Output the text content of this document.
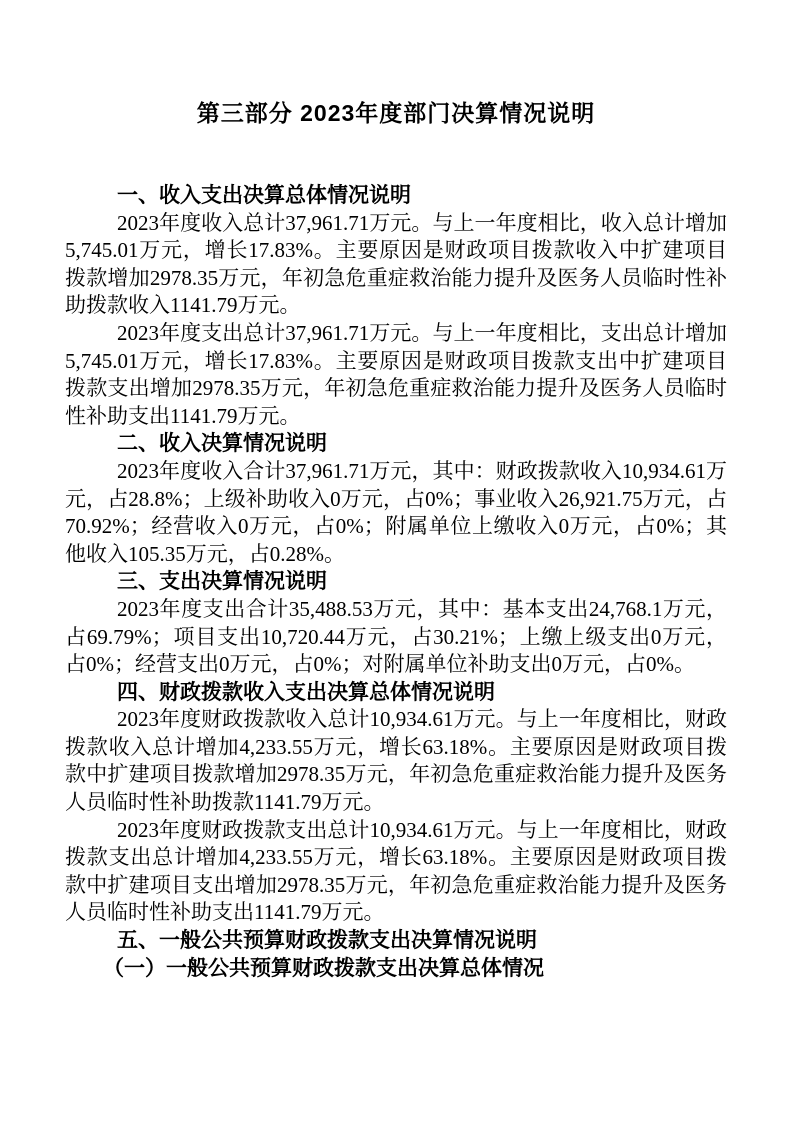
第三部分 2023年度部门决算情况说明
一、收入支出决算总体情况说明

2023年度收入总计37,961.71万元。与上一年度相比，收入总计增加5,745.01万元，增长17.83%。主要原因是财政项目拨款收入中扩建项目拨款增加2978.35万元，年初急危重症救治能力提升及医务人员临时性补助拨款收入1141.79万元。

2023年度支出总计37,961.71万元。与上一年度相比，支出总计增加5,745.01万元，增长17.83%。主要原因是财政项目拨款支出中扩建项目拨款支出增加2978.35万元，年初急危重症救治能力提升及医务人员临时性补助支出1141.79万元。

二、收入决算情况说明

2023年度收入合计37,961.71万元，其中：财政拨款收入10,934.61万元，占28.8%；上级补助收入0万元，占0%；事业收入26,921.75万元，占70.92%；经营收入0万元，占0%；附属单位上缴收入0万元，占0%；其他收入105.35万元，占0.28%。

三、支出决算情况说明

2023年度支出合计35,488.53万元，其中：基本支出24,768.1万元，占69.79%；项目支出10,720.44万元，占30.21%；上缴上级支出0万元，占0%；经营支出0万元，占0%；对附属单位补助支出0万元，占0%。

四、财政拨款收入支出决算总体情况说明

2023年度财政拨款收入总计10,934.61万元。与上一年度相比，财政拨款收入总计增加4,233.55万元，增长63.18%。主要原因是财政项目拨款中扩建项目拨款增加2978.35万元，年初急危重症救治能力提升及医务人员临时性补助拨款1141.79万元。

2023年度财政拨款支出总计10,934.61万元。与上一年度相比，财政拨款支出总计增加4,233.55万元，增长63.18%。主要原因是财政项目拨款中扩建项目支出增加2978.35万元，年初急危重症救治能力提升及医务人员临时性补助支出1141.79万元。

五、一般公共预算财政拨款支出决算情况说明
（一）一般公共预算财政拨款支出决算总体情况
